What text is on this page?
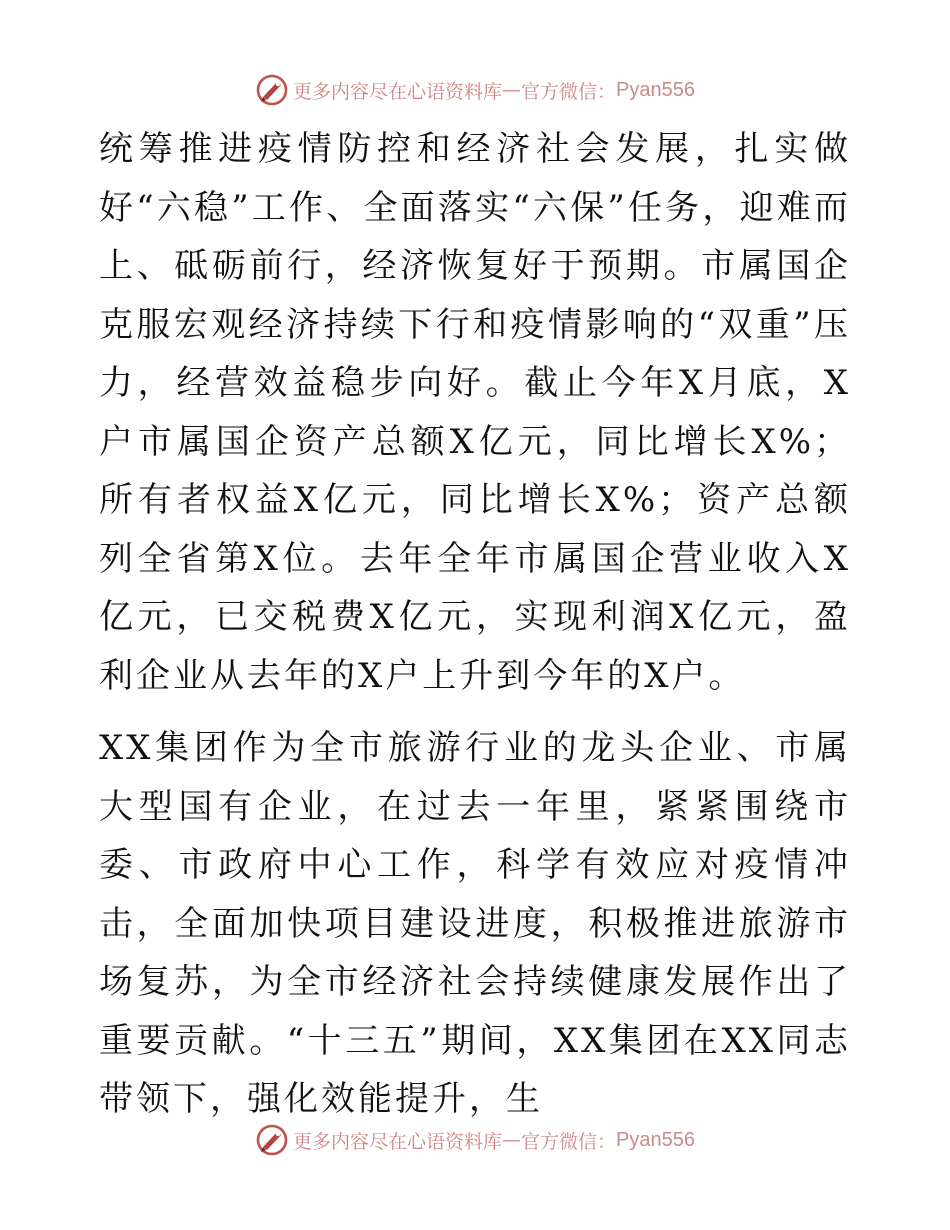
更多内容尽在心语资料库 — 官方微信： Pyan556

统筹推进疫情防控和经济社会发展，扎实做好“六稳”工作、全面落实“六保”任务，迎难而上、砥砺前行，经济恢复好于预期。市属国企克服宏观经济持续下行和疫情影响的“双重”压力，经营效益稳步向好。截止今年X月底，X户市属国企资产总额X亿元，同比增长X%；所有者权益X亿元，同比增长X%；资产总额列全省第X位。去年全年市属国企营业收入X亿元，已交税费X亿元，实现利润X亿元，盈利企业从去年的X户上升到今年的X户。

XX集团作为全市旅游行业的龙头企业、市属大型国有企业，在过去一年里，紧紧围绕市委、市政府中心工作，科学有效应对疫情冲击，全面加快项目建设进度，积极推进旅游市场复苏，为全市经济社会持续健康发展作出了重要贡献。“十三五”期间，XX集团在XX同志带领下，强化效能提升，生

更多内容尽在心语资料库 — 官方微信： Pyan556
